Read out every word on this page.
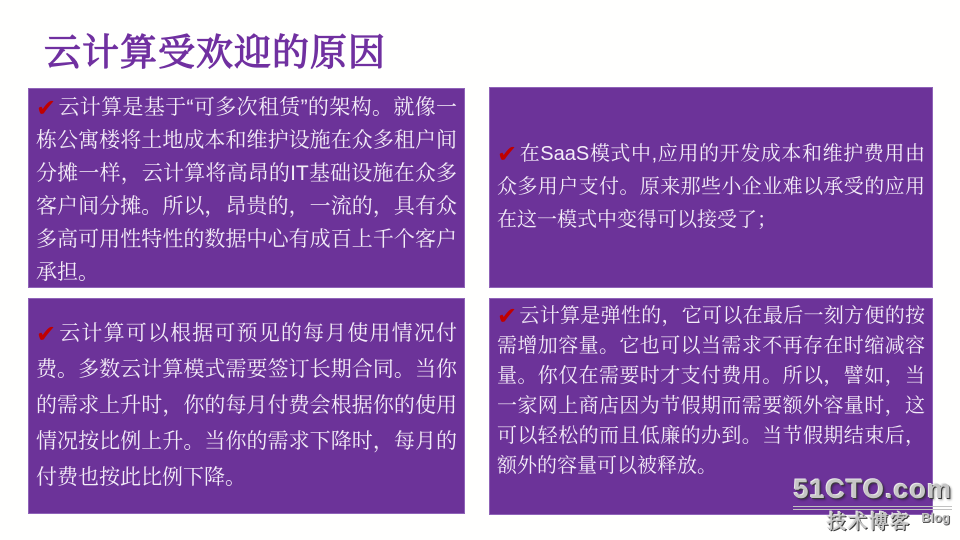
云计算受欢迎的原因

✔云计算是基于“可多次租赁”的架构。就像一栋公寓楼将土地成本和维护设施在众多租户间分摊一样，云计算将高昂的IT基础设施在众多客户间分摊。所以，昂贵的，一流的，具有众多高可用性特性的数据中心有成百上千个客户承担。

✔ 在SaaS模式中,应用的开发成本和维护费用由众多用户支付。原来那些小企业难以承受的应用在这一模式中变得可以接受了；

✔云计算可以根据可预见的每月使用情况付费。多数云计算模式需要签订长期合同。当你的需求上升时，你的每月付费会根据你的使用情况按比例上升。当你的需求下降时，每月的付费也按此比例下降。

✔ 云计算是弹性的，它可以在最后一刻方便的按需增加容量。它也可以当需求不再存在时缩减容量。你仅在需要时才支付费用。所以，譬如，当一家网上商店因为节假期而需要额外容量时，这可以轻松的而且低廉的办到。当节假期结束后，额外的容量可以被释放。

51CTO.com
技术博客 Blog
